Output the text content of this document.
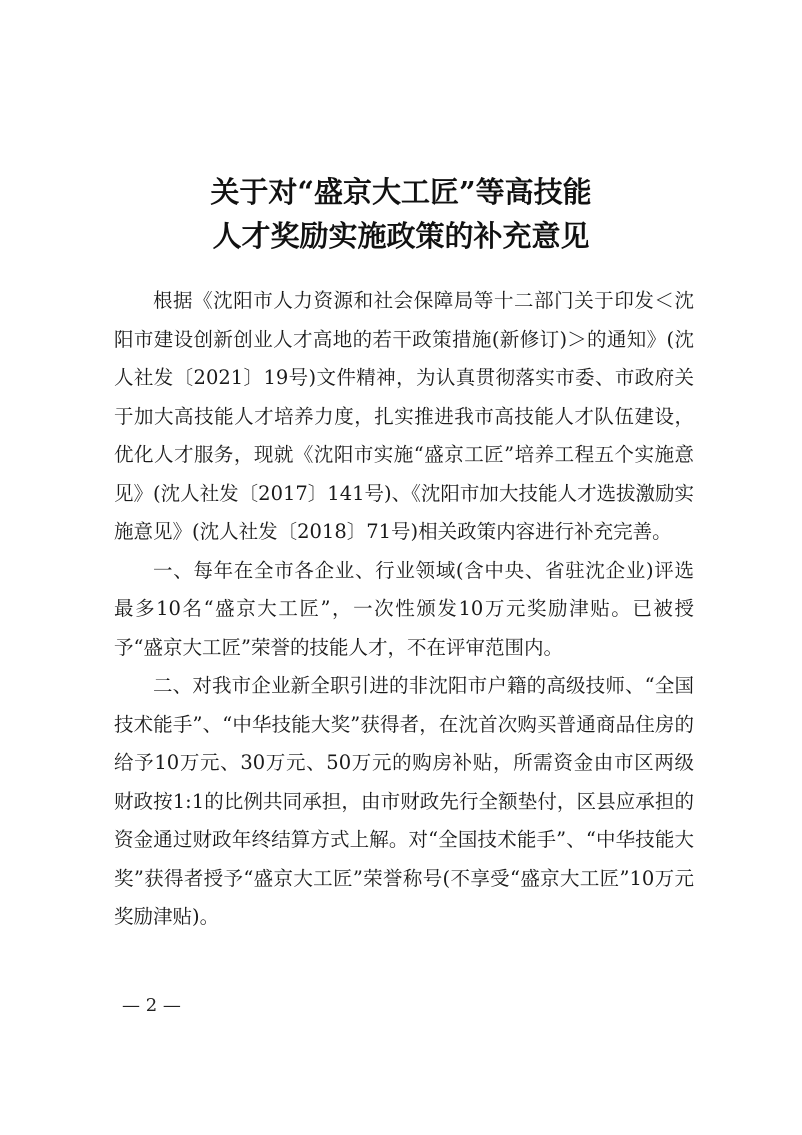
关于对“盛京大工匠”等高技能
人才奖励实施政策的补充意见

根据《沈阳市人力资源和社会保障局等十二部门关于印发＜沈阳市建设创新创业人才高地的若干政策措施(新修订)＞的通知》(沈人社发〔2021〕19号)文件精神，为认真贯彻落实市委、市政府关于加大高技能人才培养力度，扎实推进我市高技能人才队伍建设，优化人才服务，现就《沈阳市实施“盛京工匠”培养工程五个实施意见》(沈人社发〔2017〕141号)、《沈阳市加大技能人才选拔激励实施意见》(沈人社发〔2018〕71号)相关政策内容进行补充完善。

一、每年在全市各企业、行业领域(含中央、省驻沈企业)评选最多10名“盛京大工匠”，一次性颁发10万元奖励津贴。已被授予“盛京大工匠”荣誉的技能人才，不在评审范围内。

二、对我市企业新全职引进的非沈阳市户籍的高级技师、“全国技术能手”、“中华技能大奖”获得者，在沈首次购买普通商品住房的给予10万元、30万元、50万元的购房补贴，所需资金由市区两级财政按1:1的比例共同承担，由市财政先行全额垫付，区县应承担的资金通过财政年终结算方式上解。对“全国技术能手”、“中华技能大奖”获得者授予“盛京大工匠”荣誉称号(不享受“盛京大工匠”10万元奖励津贴)。

— 2 —
